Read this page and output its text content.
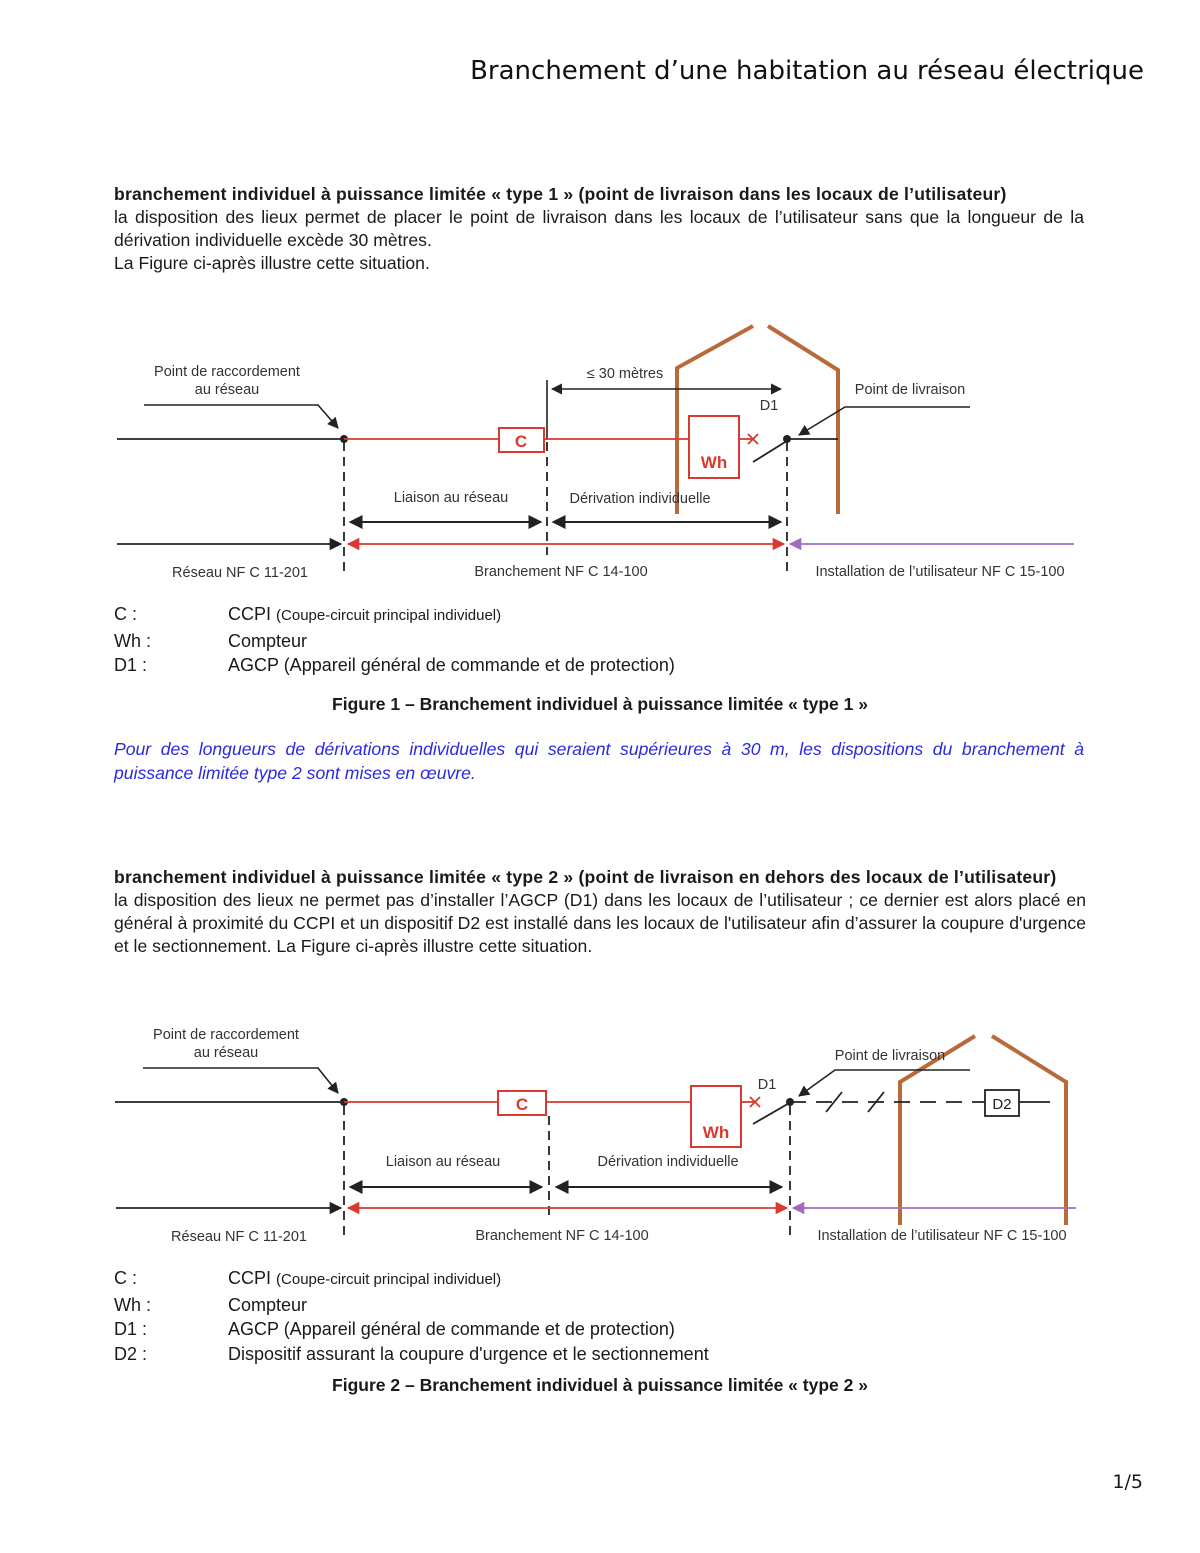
Branchement d’une habitation au réseau électrique
branchement individuel à puissance limitée « type 1 » (point de livraison dans les locaux de l’utilisateur)
la disposition des lieux permet de placer le point de livraison dans les locaux de l’utilisateur sans que la longueur de la dérivation individuelle excède 30 mètres.
La Figure ci-après illustre cette situation.
Point de raccordement
au réseau
≤ 30 mètres
D1
Point de livraison
C
Wh
Liaison au réseau	Dérivation individuelle
Réseau NF C 11-201	Branchement NF C 14-100	Installation de l’utilisateur NF C 15-100
C :	CCPI (Coupe-circuit principal individuel)
Wh :	Compteur
D1 :	AGCP (Appareil général de commande et de protection)
Figure 1 – Branchement individuel à puissance limitée « type 1 »
Pour des longueurs de dérivations individuelles qui seraient supérieures à 30 m, les dispositions du branchement à puissance limitée type 2 sont mises en œuvre.
branchement individuel à puissance limitée « type 2 » (point de livraison en dehors des locaux de l’utilisateur)
la disposition des lieux ne permet pas d’installer l’AGCP (D1) dans les locaux de l’utilisateur ; ce dernier est alors placé en général à proximité du CCPI et un dispositif D2 est installé dans les locaux de l'utilisateur afin d’assurer la coupure d'urgence et le sectionnement. La Figure ci-après illustre cette situation.
Point de raccordement
au réseau
D1
Point de livraison
C
Wh
D2
Liaison au réseau	Dérivation individuelle
Réseau NF C 11-201	Branchement NF C 14-100	Installation de l’utilisateur NF C 15-100
C :	CCPI (Coupe-circuit principal individuel)
Wh :	Compteur
D1 :	AGCP (Appareil général de commande et de protection)
D2 :	Dispositif assurant la coupure d'urgence et le sectionnement
Figure 2 – Branchement individuel à puissance limitée « type 2 »
1/5
